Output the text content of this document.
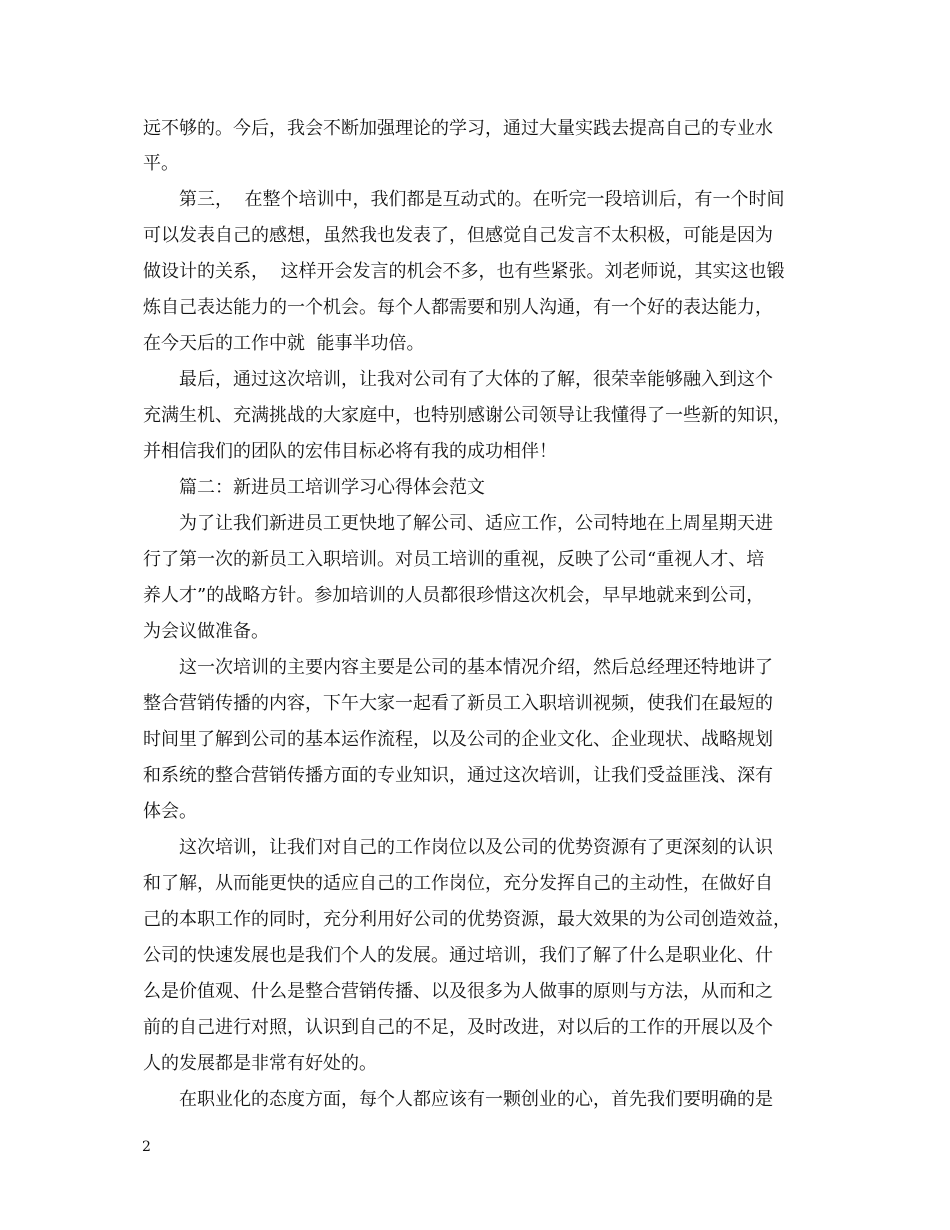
远不够的。今后，我会不断加强理论的学习，通过大量实践去提高自己的专业水
平。
第三，  在整个培训中，我们都是互动式的。在听完一段培训后，有一个时间
可以发表自己的感想，虽然我也发表了，但感觉自己发言不太积极，可能是因为
做设计的关系，  这样开会发言的机会不多，也有些紧张。刘老师说，其实这也锻
炼自己表达能力的一个机会。每个人都需要和别人沟通，有一个好的表达能力，
在今天后的工作中就  能事半功倍。
最后，通过这次培训，让我对公司有了大体的了解，很荣幸能够融入到这个
充满生机、充满挑战的大家庭中，也特别感谢公司领导让我懂得了一些新的知识，
并相信我们的团队的宏伟目标必将有我的成功相伴！
篇二：新进员工培训学习心得体会范文
为了让我们新进员工更快地了解公司、适应工作，公司特地在上周星期天进
行了第一次的新员工入职培训。对员工培训的重视，反映了公司“重视人才、培
养人才”的战略方针。参加培训的人员都很珍惜这次机会，早早地就来到公司，
为会议做准备。
这一次培训的主要内容主要是公司的基本情况介绍，然后总经理还特地讲了
整合营销传播的内容，下午大家一起看了新员工入职培训视频，使我们在最短的
时间里了解到公司的基本运作流程，以及公司的企业文化、企业现状、战略规划
和系统的整合营销传播方面的专业知识，通过这次培训，让我们受益匪浅、深有
体会。
这次培训，让我们对自己的工作岗位以及公司的优势资源有了更深刻的认识
和了解，从而能更快的适应自己的工作岗位，充分发挥自己的主动性，在做好自
己的本职工作的同时，充分利用好公司的优势资源，最大效果的为公司创造效益，
公司的快速发展也是我们个人的发展。通过培训，我们了解了什么是职业化、什
么是价值观、什么是整合营销传播、以及很多为人做事的原则与方法，从而和之
前的自己进行对照，认识到自己的不足，及时改进，对以后的工作的开展以及个
人的发展都是非常有好处的。
在职业化的态度方面，每个人都应该有一颗创业的心，首先我们要明确的是
2
